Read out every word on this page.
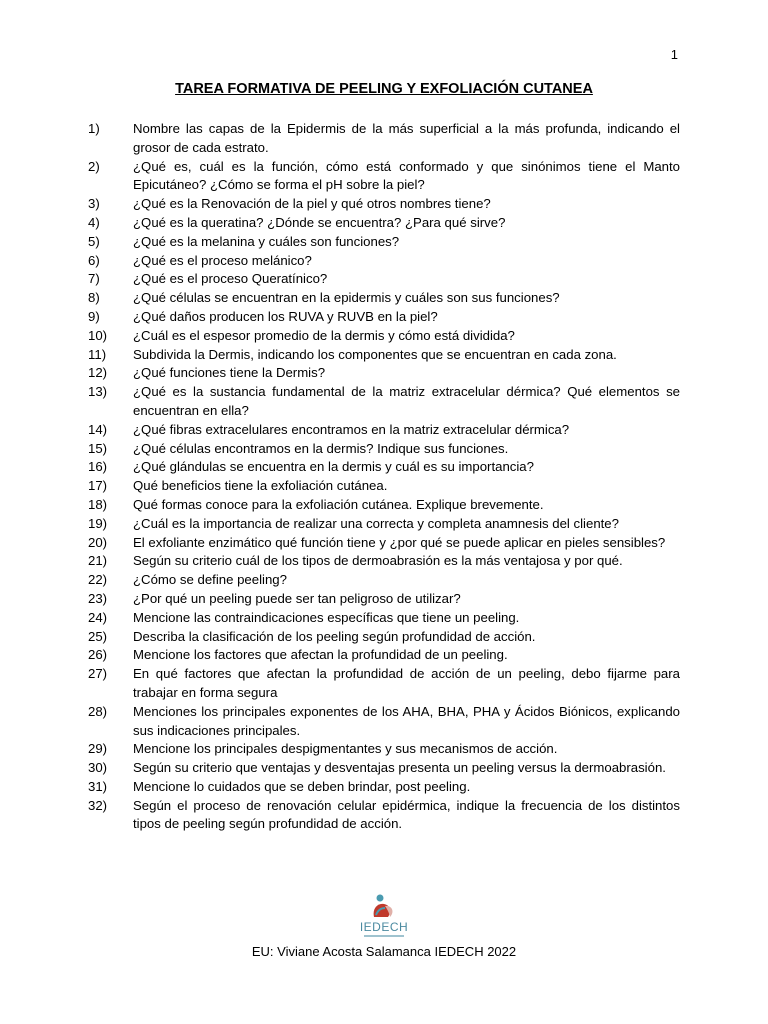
1
TAREA FORMATIVA DE PEELING Y EXFOLIACIÓN CUTANEA
1)	Nombre las capas de la Epidermis de la más superficial a la más profunda, indicando el grosor de cada estrato.
2)	¿Qué es, cuál es la función, cómo está conformado y que sinónimos tiene el Manto Epicutáneo? ¿Cómo se forma el pH sobre la piel?
3)	¿Qué es la Renovación de la piel y qué otros nombres tiene?
4)	¿Qué es la queratina? ¿Dónde se encuentra? ¿Para qué sirve?
5)	¿Qué es la melanina y cuáles son funciones?
6)	¿Qué es el proceso melánico?
7)	¿Qué es el proceso Queratínico?
8)	¿Qué células se encuentran en la epidermis y cuáles son sus funciones?
9)	¿Qué daños producen los RUVA y RUVB en la piel?
10)	¿Cuál es el espesor promedio de la dermis y cómo está dividida?
11)	Subdivida la Dermis, indicando los componentes que se encuentran en cada zona.
12)	¿Qué funciones tiene la Dermis?
13)	¿Qué es la sustancia fundamental de la matriz extracelular dérmica? Qué elementos se encuentran en ella?
14)	¿Qué fibras extracelulares encontramos en la matriz extracelular dérmica?
15)	¿Qué células encontramos en la dermis? Indique sus funciones.
16)	¿Qué glándulas se encuentra en la dermis y cuál es su importancia?
17)	Qué beneficios tiene la exfoliación cutánea.
18)	Qué formas conoce para la exfoliación cutánea. Explique brevemente.
19)	¿Cuál es la importancia de realizar una correcta y completa anamnesis del cliente?
20)	El exfoliante enzimático qué función tiene y ¿por qué se puede aplicar en pieles sensibles?
21)	Según su criterio cuál de los tipos de dermoabrasión es la más ventajosa y por qué.
22)	¿Cómo se define peeling?
23)	¿Por qué un peeling puede ser tan peligroso de utilizar?
24)	Mencione las contraindicaciones específicas que tiene un peeling.
25)	Describa la clasificación de los peeling según profundidad de acción.
26)	Mencione los factores que afectan la profundidad de un peeling.
27)	En qué factores que afectan la profundidad de acción de un peeling, debo fijarme para trabajar en forma segura
28)	Menciones los principales exponentes de los AHA, BHA, PHA y Ácidos Biónicos, explicando sus indicaciones principales.
29)	Mencione los principales despigmentantes y sus mecanismos de acción.
30)	Según su criterio que ventajas y desventajas presenta un peeling versus la dermoabrasión.
31)	Mencione lo cuidados que se deben brindar, post peeling.
32)	Según el proceso de renovación celular epidérmica, indique la frecuencia de los distintos tipos de peeling según profundidad de acción.
IEDECH
EU: Viviane Acosta Salamanca IEDECH 2022
